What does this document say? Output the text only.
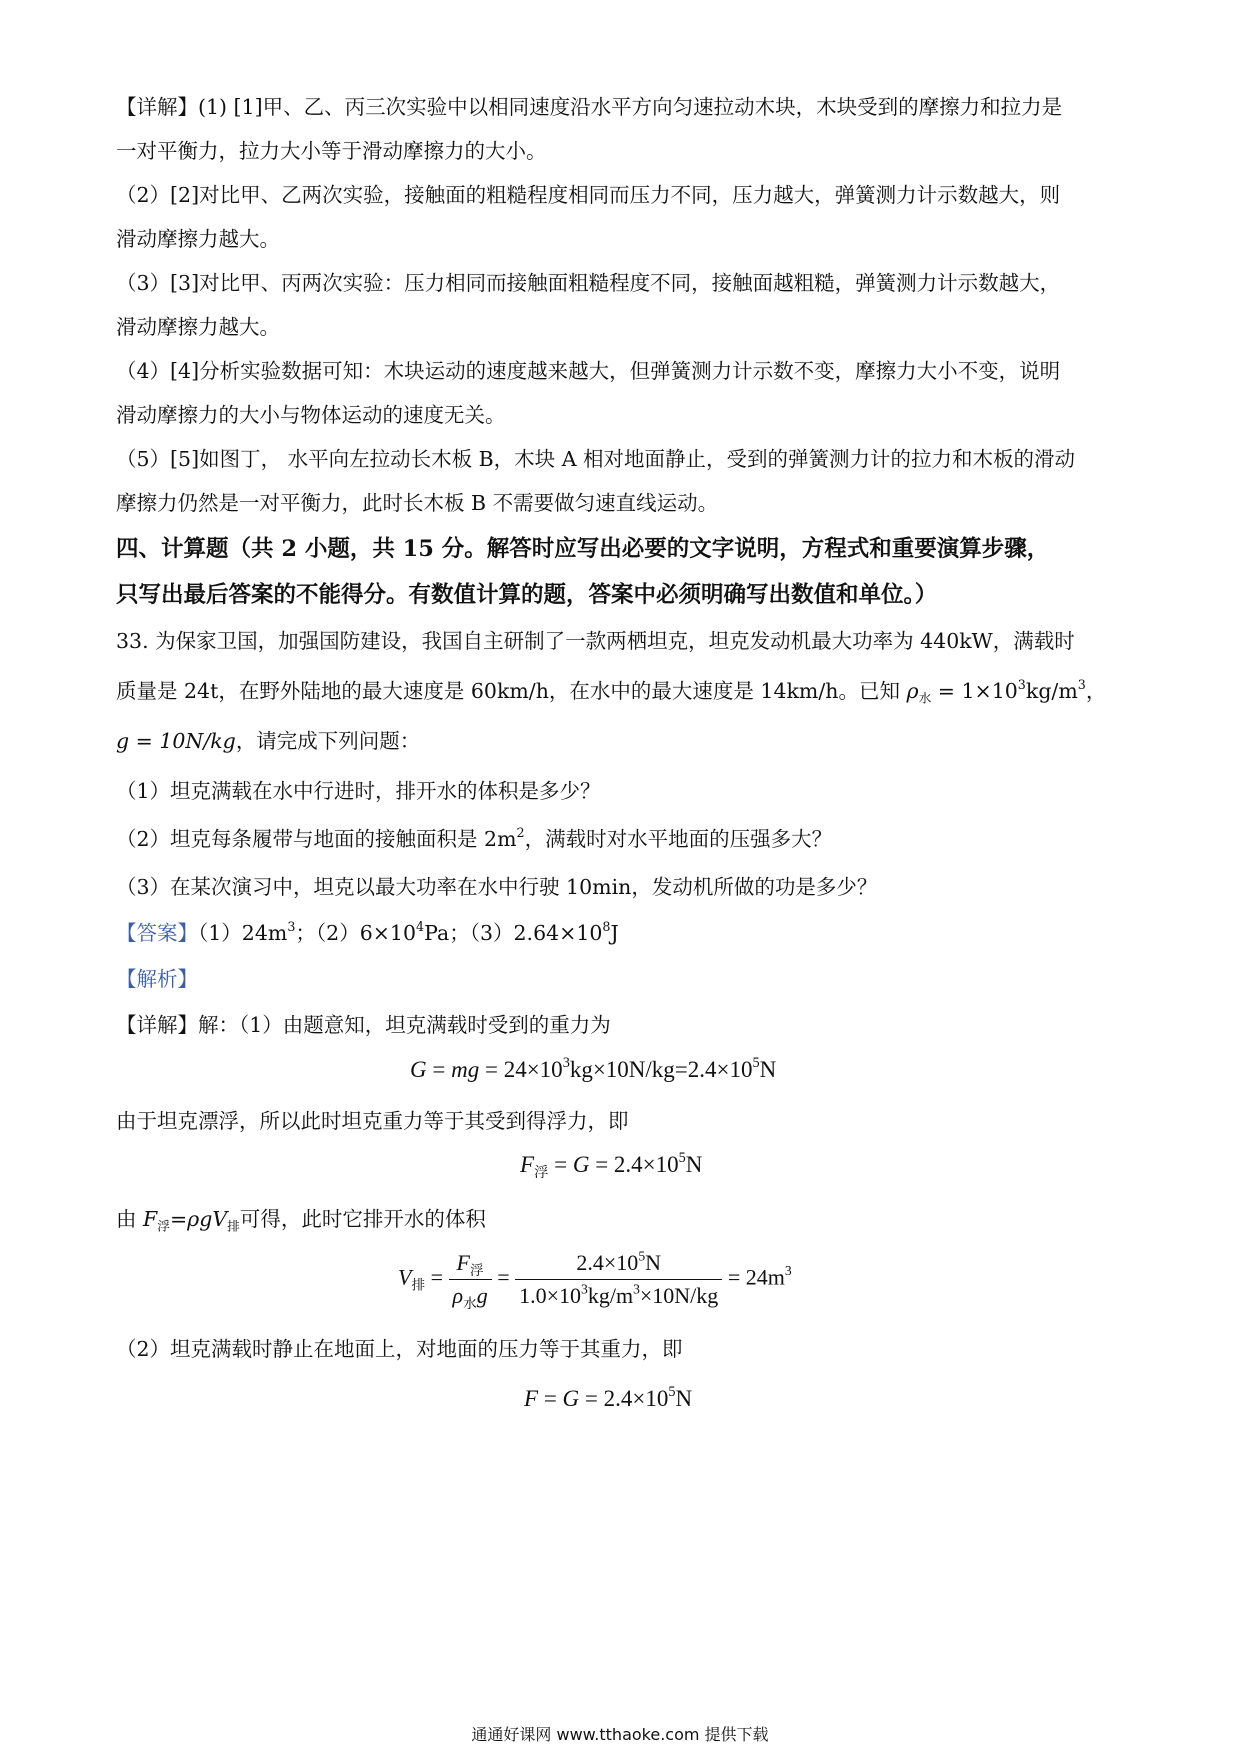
【详解】(1) [1]甲、乙、丙三次实验中以相同速度沿水平方向匀速拉动木块，木块受到的摩擦力和拉力是
一对平衡力，拉力大小等于滑动摩擦力的大小。
（2）[2]对比甲、乙两次实验，接触面的粗糙程度相同而压力不同，压力越大，弹簧测力计示数越大，则
滑动摩擦力越大。
（3）[3]对比甲、丙两次实验：压力相同而接触面粗糙程度不同，接触面越粗糙，弹簧测力计示数越大，
滑动摩擦力越大。
（4）[4]分析实验数据可知：木块运动的速度越来越大，但弹簧测力计示数不变，摩擦力大小不变，说明
滑动摩擦力的大小与物体运动的速度无关。
（5）[5]如图丁， 水平向左拉动长木板 B，木块 A 相对地面静止，受到的弹簧测力计的拉力和木板的滑动
摩擦力仍然是一对平衡力，此时长木板 B 不需要做匀速直线运动。
四、计算题（共 2 小题，共 15 分。解答时应写出必要的文字说明，方程式和重要演算步骤，
只写出最后答案的不能得分。有数值计算的题，答案中必须明确写出数值和单位。）
33. 为保家卫国，加强国防建设，我国自主研制了一款两栖坦克，坦克发动机最大功率为 440kW，满载时
质量是 24t，在野外陆地的最大速度是 60km/h，在水中的最大速度是 14km/h。已知 $\rho_水 = 1\times 10^3kg/m^3$，
g = 10N/kg，请完成下列问题：
（1）坦克满载在水中行进时，排开水的体积是多少？
（2）坦克每条履带与地面的接触面积是 $2m^2$，满载时对水平地面的压强多大？
（3）在某次演习中，坦克以最大功率在水中行驶 10min，发动机所做的功是多少？
【答案】$(1)24m^3$；$(2)6\times 10^4Pa$；$(3)2.64\times 10^8J$
【解析】
【详解】解：（1）由题意知，坦克满载时受到的重力为
G = mg = $24\times 10^3kg\times 10N/kg=2.4\times 10^5N$
由于坦克漂浮，所以此时坦克重力等于其受到得浮力，即
$F_浮 = G = 2.4\times 10^5N$
由 $F_浮=\rho gV_排$可得，此时它排开水的体积
$V_排 = \frac{F_浮}{\rho_水g} = \frac{2.4\times 10^5N}{1.0\times 10^3kg/m^3\times 10N/kg} = 24m^3$
（2）坦克满载时静止在地面上，对地面的压力等于其重力，即
$F = G = 2.4\times 10^5N$
通通好课网 www.tthaoke.com 提供下载
